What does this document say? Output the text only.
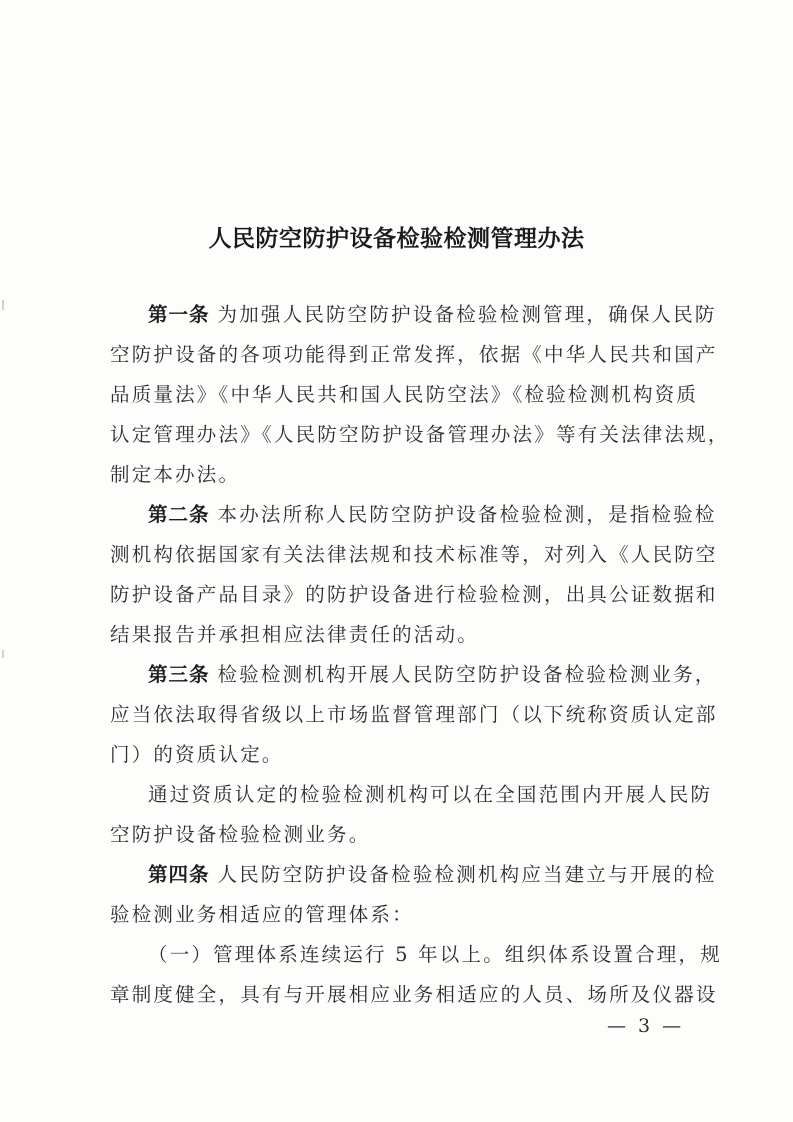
人民防空防护设备检验检测管理办法
第一条 为加强人民防空防护设备检验检测管理，确保人民防
空防护设备的各项功能得到正常发挥，依据《中华人民共和国产
品质量法》《中华人民共和国人民防空法》《检验检测机构资质
认定管理办法》《人民防空防护设备管理办法》等有关法律法规，
制定本办法。
第二条 本办法所称人民防空防护设备检验检测，是指检验检
测机构依据国家有关法律法规和技术标准等，对列入《人民防空
防护设备产品目录》的防护设备进行检验检测，出具公证数据和
结果报告并承担相应法律责任的活动。
第三条 检验检测机构开展人民防空防护设备检验检测业务，
应当依法取得省级以上市场监督管理部门（以下统称资质认定部
门）的资质认定。
通过资质认定的检验检测机构可以在全国范围内开展人民防
空防护设备检验检测业务。
第四条 人民防空防护设备检验检测机构应当建立与开展的检
验检测业务相适应的管理体系：
（一）管理体系连续运行 5 年以上。组织体系设置合理，规
章制度健全，具有与开展相应业务相适应的人员、场所及仪器设
— 3 —
